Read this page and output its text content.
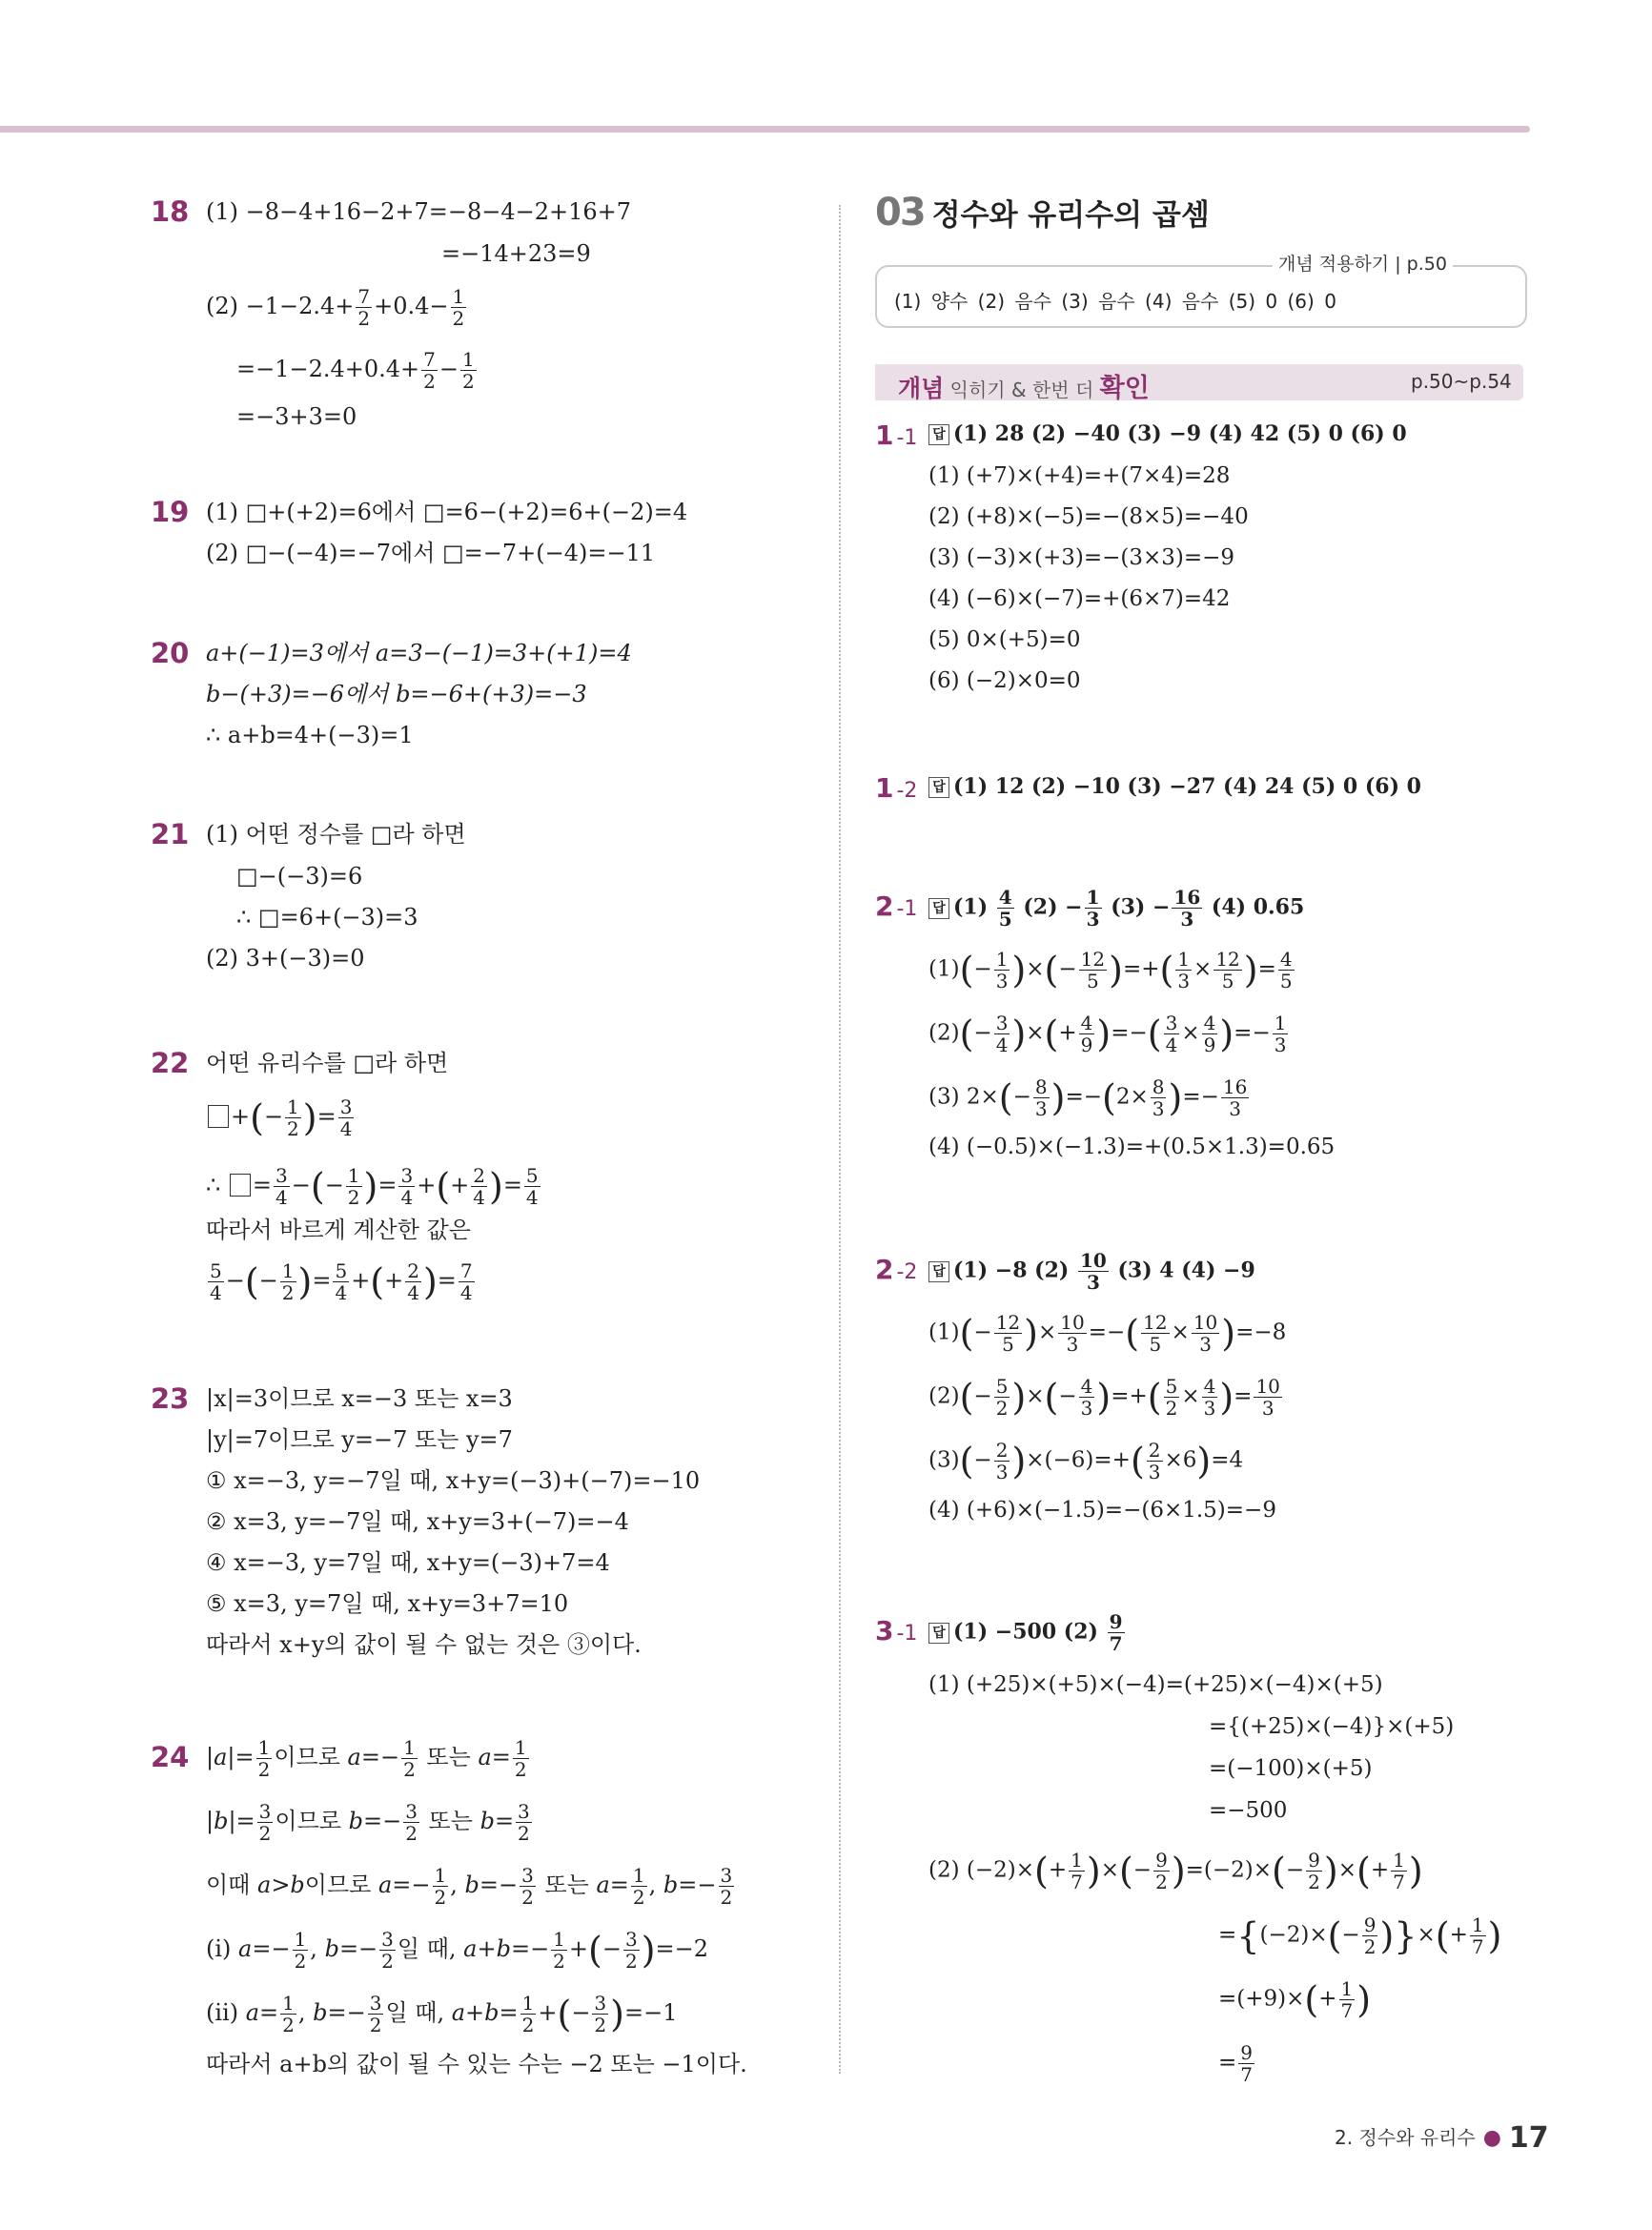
18 (1) −8−4+16−2+7=−8−4−2+16+7
=−14+23=9
$(2) -1-2.4+ \frac{7}{2} +0.4- \frac{1}{2}$
$=-1-2.4+0.4+ \frac{7}{2} - \frac{1}{2}$
=−3+3=0
19 (1) □+(+2)=6에서 □=6−(+2)=6+(−2)=4
(2) □−(−4)=−7에서 □=−7+(−4)=−11
20 a+(−1)=3에서 a=3−(−1)=3+(+1)=4
b−(+3)=−6에서 b=−6+(+3)=−3
∴ a+b=4+(−3)=1
21 (1) 어떤 정수를 □라 하면
□−(−3)=6
∴ □=6+(−3)=3
(2) 3+(−3)=0
22 어떤 유리수를 □라 하면
+(− $\frac{1}{2}$ )= $\frac{3}{4}$
∴ = $\frac{3}{4}$ −(− $\frac{1}{2}$ )= $\frac{3}{4}$ +(+ $\frac{2}{4}$ )= $\frac{5}{4}$
따라서 바르게 계산한 값은
$\frac{5}{4}$ −(− $\frac{1}{2}$ )= $\frac{5}{4}$ +(+ $\frac{2}{4}$ )= $\frac{7}{4}$
23 |x|=3이므로 x=−3 또는 x=3
|y|=7이므로 y=−7 또는 y=7
① x=−3, y=−7일 때, x+y=(−3)+(−7)=−10
② x=3, y=−7일 때, x+y=3+(−7)=−4
④ x=−3, y=7일 때, x+y=(−3)+7=4
⑤ x=3, y=7일 때, x+y=3+7=10
따라서 x+y의 값이 될 수 없는 것은 ③이다.
24 $|a|= \frac{1}{2}$ 이므로 $a=- \frac{1}{2}$ 또는 $a= \frac{1}{2}$
$|b|= \frac{3}{2}$ 이므로 $b=- \frac{3}{2}$ 또는 $b= \frac{3}{2}$
이때 a>b이므로 $a=- \frac{1}{2}$ , $b=- \frac{3}{2}$ 또는 $a= \frac{1}{2}$ , $b=- \frac{3}{2}$
(ⅰ) $a=- \frac{1}{2}$ , $b=- \frac{3}{2}$ 일 때, $a+b=- \frac{1}{2}$ +(− $\frac{3}{2} )=-2$
(ⅱ) $a= \frac{1}{2}$ , $b=- \frac{3}{2}$ 일 때, $a+b= \frac{1}{2}$ +(− $\frac{3}{2} )=-1$
따라서 a+b의 값이 될 수 있는 수는 −2 또는 −1이다.
03 정수와 유리수의 곱셈
개념 적용하기 | p.50
(1) 양수 (2) 음수 (3) 음수 (4) 음수 (5) 0 (6) 0
개념 익히기 & 한번 더 확인	p.50~p.54
1 -1	답 (1) 28 (2) −40 (3) −9 (4) 42 (5) 0 (6) 0
(1) (+7)×(+4)=+(7×4)=28
(2) (+8)×(−5)=−(8×5)=−40
(3) (−3)×(+3)=−(3×3)=−9
(4) (−6)×(−7)=+(6×7)=42
(5) 0×(+5)=0
(6) (−2)×0=0
1 -2	답 (1) 12 (2) −10 (3) −27 (4) 24 (5) 0 (6) 0
2 -1	답 $(1) \frac{4}{5} (2) - \frac{1}{3} (3) - \frac{16}{3} (4)$ 0.65
$(1)(- \frac{1}{3}$ )×(− $\frac{12}{5}$ )=+( $\frac{1}{3} \times \frac{12}{5}$ )= $\frac{4}{5}$
$(2)(- \frac{3}{4}$ )×(+ $\frac{4}{9}$ )=−( $\frac{3}{4} \times \frac{4}{9}$ )=− $\frac{1}{3}$
(3) $2\times(- \frac{8}{3} )=-(2\times \frac{8}{3}$ )=− $\frac{16}{3}$
(4) (−0.5)×(−1.3)=+(0.5×1.3)=0.65
2 -2	답 (1) −8 $(2) \frac{10}{3} (3)$ 4 (4) −9
$(1)(- \frac{12}{5}$ )× $\frac{10}{3}$ =−( $\frac{12}{5} \times \frac{10}{3} )=-8$
$(2)(- \frac{5}{2}$ )×(− $\frac{4}{3}$ )=+( $\frac{5}{2} \times \frac{4}{3}$ )= $\frac{10}{3}$
$(3)(- \frac{2}{3} )\times(-6)=+( \frac{2}{3} \times 6)=4$
(4) (+6)×(−1.5)=−(6×1.5)=−9
3 -1	답 (1) −500 $(2) \frac{9}{7}$
(1) (+25)×(+5)×(−4)=(+25)×(−4)×(+5)
={(+25)×(−4)}×(+5)
=(−100)×(+5)
=−500
(2) $(-2)\times(+ \frac{1}{7}$ )×(− $\frac{9}{2} )=(-2)\times(- \frac{9}{2}$ )×(+ $\frac{1}{7}$ )
$=\{(-2)\times(- \frac{9}{2}$ )}×(+ $\frac{1}{7}$ )
$=(+9)\times(+ \frac{1}{7}$ )
= $\frac{9}{7}$
2. 정수와 유리수 ● 17
